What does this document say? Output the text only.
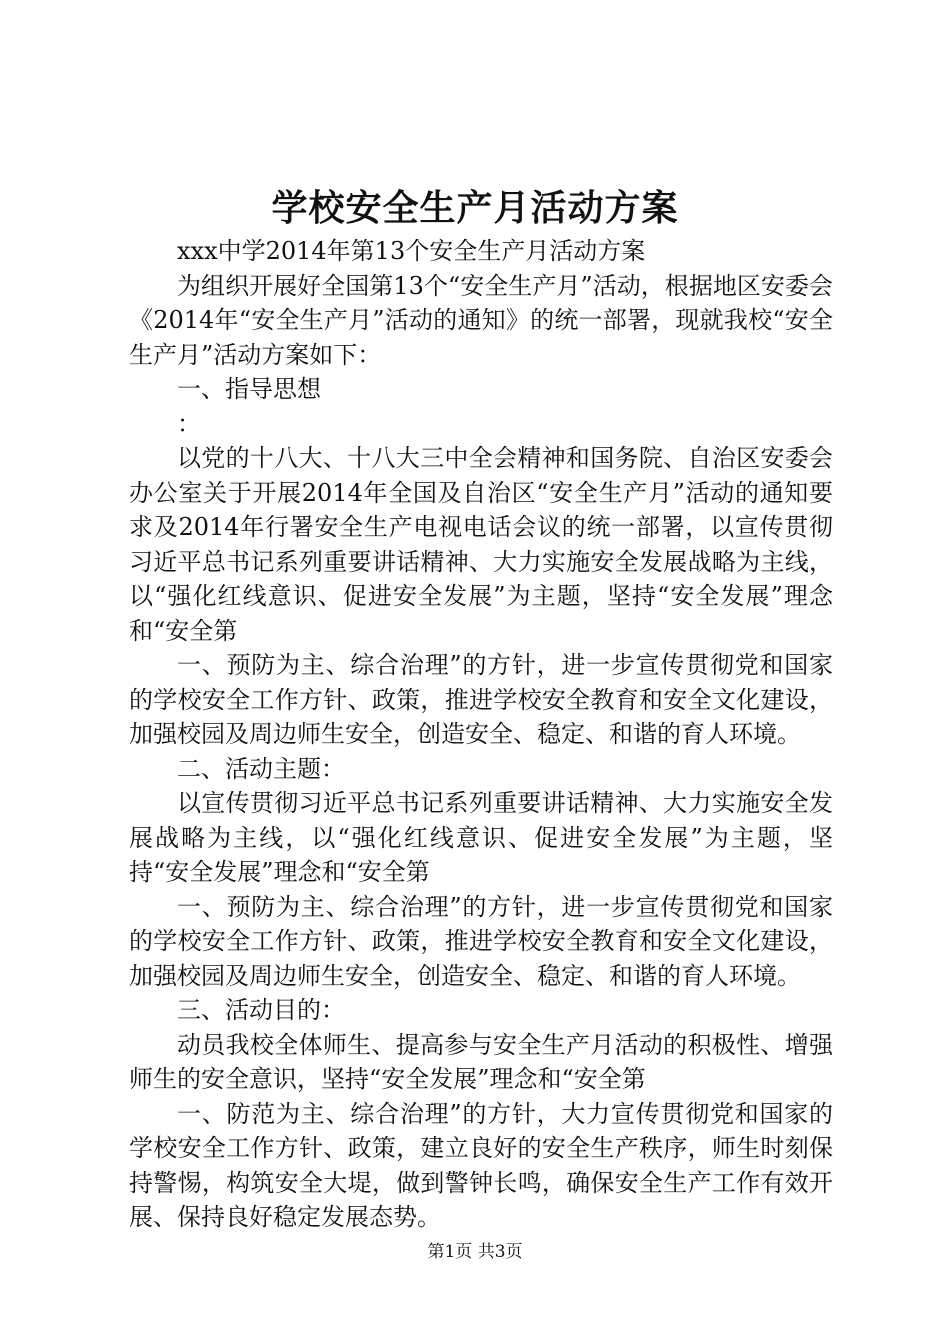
学校安全生产月活动方案

xxx中学2014年第13个安全生产月活动方案

为组织开展好全国第13个“安全生产月”活动，根据地区安委会《2014年“安全生产月”活动的通知》的统一部署，现就我校“安全生产月”活动方案如下：

一、指导思想

：

以党的十八大、十八大三中全会精神和国务院、自治区安委会办公室关于开展2014年全国及自治区“安全生产月”活动的通知要求及2014年行署安全生产电视电话会议的统一部署，以宣传贯彻习近平总书记系列重要讲话精神、大力实施安全发展战略为主线，以“强化红线意识、促进安全发展”为主题，坚持“安全发展”理念和“安全第

一、预防为主、综合治理”的方针，进一步宣传贯彻党和国家的学校安全工作方针、政策，推进学校安全教育和安全文化建设，加强校园及周边师生安全，创造安全、稳定、和谐的育人环境。

二、活动主题：

以宣传贯彻习近平总书记系列重要讲话精神、大力实施安全发展战略为主线，以“强化红线意识、促进安全发展”为主题，坚持“安全发展”理念和“安全第

一、预防为主、综合治理”的方针，进一步宣传贯彻党和国家的学校安全工作方针、政策，推进学校安全教育和安全文化建设，加强校园及周边师生安全，创造安全、稳定、和谐的育人环境。

三、活动目的：

动员我校全体师生、提高参与安全生产月活动的积极性、增强师生的安全意识，坚持“安全发展”理念和“安全第

一、防范为主、综合治理”的方针，大力宣传贯彻党和国家的学校安全工作方针、政策，建立良好的安全生产秩序，师生时刻保持警惕，构筑安全大堤，做到警钟长鸣，确保安全生产工作有效开展、保持良好稳定发展态势。

第1页 共3页
